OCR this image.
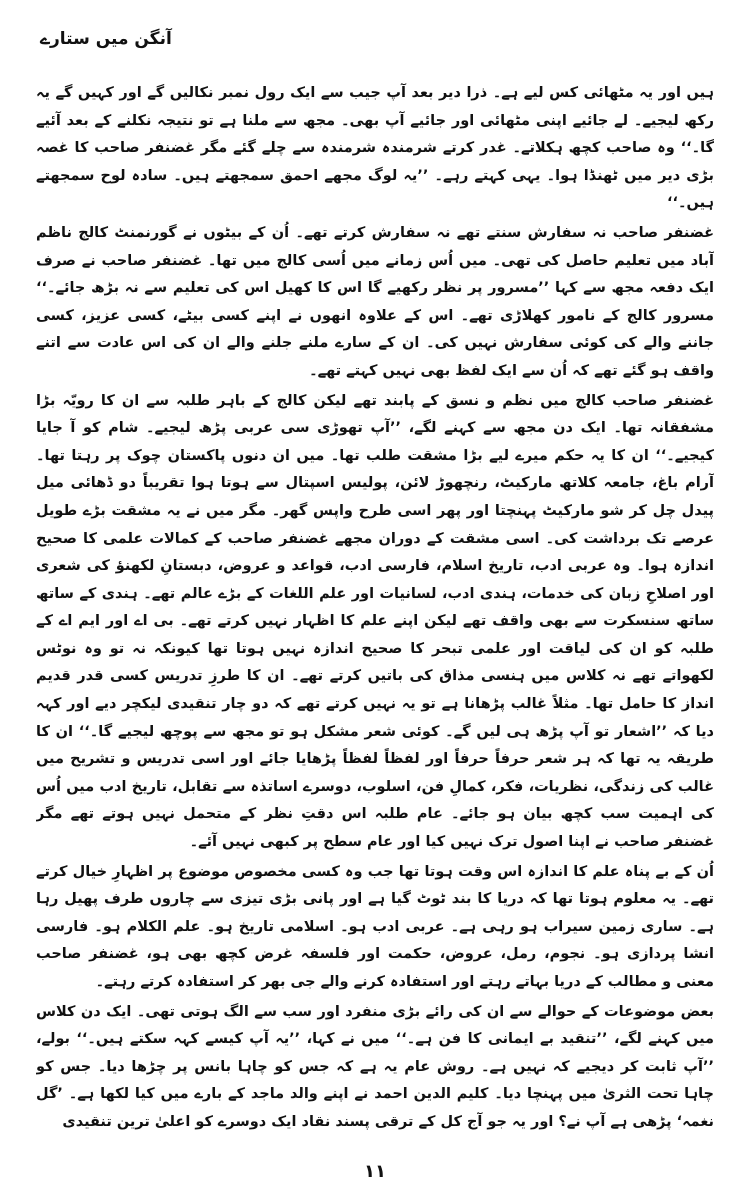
آنگن میں ستارے

ہیں اور یہ مٹھائی کس لیے ہے۔ ذرا دیر بعد آپ جیب سے ایک رول نمبر نکالیں گے اور کہیں گے یہ رکھ لیجیے۔ لے جائیے اپنی مٹھائی اور جائیے آپ بھی۔ مجھ سے ملنا ہے تو نتیجہ نکلنے کے بعد آئیے گا۔‘‘ وہ صاحب کچھ ہکلاتے۔ غدر کرتے شرمندہ شرمندہ سے چلے گئے مگر غضنفر صاحب کا غصہ بڑی دیر میں ٹھنڈا ہوا۔ یہی کہتے رہے۔ ’’یہ لوگ مجھے احمق سمجھتے ہیں۔ سادہ لوح سمجھتے ہیں۔‘‘

غضنفر صاحب نہ سفارش سنتے تھے نہ سفارش کرتے تھے۔ اُن کے بیٹوں نے گورنمنٹ کالج ناظم آباد میں تعلیم حاصل کی تھی۔ میں اُس زمانے میں اُسی کالج میں تھا۔ غضنفر صاحب نے صرف ایک دفعہ مجھ سے کہا ’’مسرور پر نظر رکھیے گا اس کا کھیل اس کی تعلیم سے نہ بڑھ جائے۔‘‘ مسرور کالج کے نامور کھلاڑی تھے۔ اس کے علاوہ انھوں نے اپنے کسی بیٹے، کسی عزیز، کسی جاننے والے کی کوئی سفارش نہیں کی۔ ان کے سارے ملنے جلنے والے ان کی اس عادت سے اتنے واقف ہو گئے تھے کہ اُن سے ایک لفظ بھی نہیں کہتے تھے۔

غضنفر صاحب کالج میں نظم و نسق کے پابند تھے لیکن کالج کے باہر طلبہ سے ان کا رویّہ بڑا مشفقانہ تھا۔ ایک دن مجھ سے کہنے لگے، ’’آپ تھوڑی سی عربی پڑھ لیجیے۔ شام کو آ جایا کیجیے۔‘‘ ان کا یہ حکم میرے لیے بڑا مشقت طلب تھا۔ میں ان دنوں پاکستان چوک پر رہتا تھا۔ آرام باغ، جامعہ کلاتھ مارکیٹ، رنچھوڑ لائن، پولیس اسپتال سے ہوتا ہوا تقریباً دو ڈھائی میل پیدل چل کر شو مارکیٹ پہنچتا اور پھر اسی طرح واپس گھر۔ مگر میں نے یہ مشقت بڑے طویل عرصے تک برداشت کی۔ اسی مشقت کے دوران مجھے غضنفر صاحب کے کمالات علمی کا صحیح اندازہ ہوا۔ وہ عربی ادب، تاریخ اسلام، فارسی ادب، قواعد و عروض، دبستانِ لکھنؤ کی شعری اور اصلاحِ زبان کی خدمات، ہندی ادب، لسانیات اور علم اللغات کے بڑے عالم تھے۔ ہندی کے ساتھ ساتھ سنسکرت سے بھی واقف تھے لیکن اپنے علم کا اظہار نہیں کرتے تھے۔ بی اے اور ایم اے کے طلبہ کو ان کی لیاقت اور علمی تبحر کا صحیح اندازہ نہیں ہوتا تھا کیونکہ نہ تو وہ نوٹس لکھواتے تھے نہ کلاس میں ہنسی مذاق کی باتیں کرتے تھے۔ ان کا طرزِ تدریس کسی قدر قدیم انداز کا حامل تھا۔ مثلاً غالب پڑھانا ہے تو یہ نہیں کرتے تھے کہ دو چار تنقیدی لیکچر دیے اور کہہ دیا کہ ’’اشعار تو آپ پڑھ ہی لیں گے۔ کوئی شعر مشکل ہو تو مجھ سے پوچھ لیجیے گا۔‘‘ ان کا طریقہ یہ تھا کہ ہر شعر حرفاً حرفاً اور لفظاً لفظاً پڑھایا جائے اور اسی تدریس و تشریح میں غالب کی زندگی، نظریات، فکر، کمالِ فن، اسلوب، دوسرے اساتذہ سے تقابل، تاریخ ادب میں اُس کی اہمیت سب کچھ بیان ہو جائے۔ عام طلبہ اس دقتِ نظر کے متحمل نہیں ہوتے تھے مگر غضنفر صاحب نے اپنا اصول ترک نہیں کیا اور عام سطح پر کبھی نہیں آئے۔

اُن کے بے پناہ علم کا اندازہ اس وقت ہوتا تھا جب وہ کسی مخصوص موضوع پر اظہارِ خیال کرتے تھے۔ یہ معلوم ہوتا تھا کہ دریا کا بند ٹوٹ گیا ہے اور پانی بڑی تیزی سے چاروں طرف پھیل رہا ہے۔ ساری زمین سیراب ہو رہی ہے۔ عربی ادب ہو۔ اسلامی تاریخ ہو۔ علم الکلام ہو۔ فارسی انشا پردازی ہو۔ نجوم، رمل، عروض، حکمت اور فلسفہ غرض کچھ بھی ہو، غضنفر صاحب معنی و مطالب کے دریا بہاتے رہتے اور استفادہ کرنے والے جی بھر کر استفادہ کرتے رہتے۔

بعض موضوعات کے حوالے سے ان کی رائے بڑی منفرد اور سب سے الگ ہوتی تھی۔ ایک دن کلاس میں کہنے لگے، ’’تنقید بے ایمانی کا فن ہے۔‘‘ میں نے کہا، ’’یہ آپ کیسے کہہ سکتے ہیں۔‘‘ بولے، ’’آپ ثابت کر دیجیے کہ نہیں ہے۔ روش عام یہ ہے کہ جس کو چاہا بانس پر چڑھا دیا۔ جس کو چاہا تحت الثریٰ میں پہنچا دیا۔ کلیم الدین احمد نے اپنے والد ماجد کے بارے میں کیا لکھا ہے۔ ’گل نغمہ‘ پڑھی ہے آپ نے؟ اور یہ جو آج کل کے ترقی پسند نقاد ایک دوسرے کو اعلیٰ ترین تنقیدی

۱۱
